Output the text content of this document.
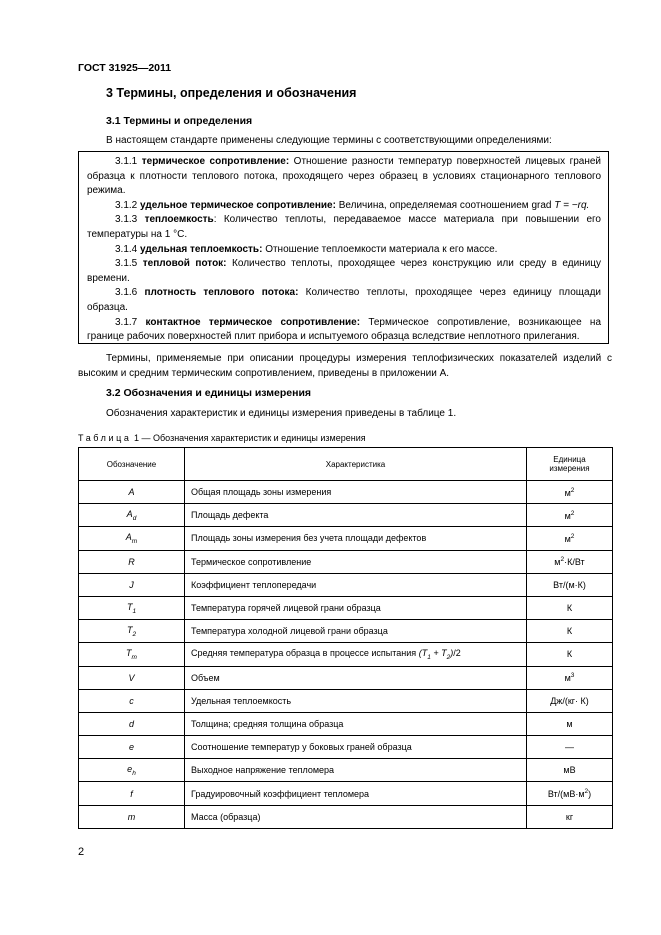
ГОСТ 31925—2011
3 Термины, определения и обозначения
3.1 Термины и определения
В настоящем стандарте применены следующие термины с соответствующими определениями:

3.1.1 термическое сопротивление: Отношение разности температур поверхностей лицевых граней образца к плотности теплового потока, проходящего через образец в условиях стационарного теплового режима.

3.1.2 удельное термическое сопротивление: Величина, определяемая соотношением grad T = −rq.

3.1.3 теплоемкость: Количество теплоты, передаваемое массе материала при повышении его температуры на 1 °С.

3.1.4 удельная теплоемкость: Отношение теплоемкости материала к его массе.

3.1.5 тепловой поток: Количество теплоты, проходящее через конструкцию или среду в единицу времени.

3.1.6 плотность теплового потока: Количество теплоты, проходящее через единицу площади образца.

3.1.7 контактное термическое сопротивление: Термическое сопротивление, возникающее на границе рабочих поверхностей плит прибора и испытуемого образца вследствие неплотного прилегания.

Термины, применяемые при описании процедуры измерения теплофизических показателей изделий с высоким и средним термическим сопротивлением, приведены в приложении А.
3.2 Обозначения и единицы измерения
Обозначения характеристик и единицы измерения приведены в таблице 1.
Таблица 1 — Обозначения характеристик и единицы измерения
Обозначение	Характеристика	Единица измерения
A	Общая площадь зоны измерения	$м^2$
$A_d$	Площадь дефекта	$м^2$
$A_m$	Площадь зоны измерения без учета площади дефектов	$м^2$
R	Термическое сопротивление	$м^2\cdot К/Вт$
J	Коэффициент теплопередачи	Вт/(м·К)
$T_1$	Температура горячей лицевой грани образца	К
$T_2$	Температура холодной лицевой грани образца	К
$T_m$	Средняя температура образца в процессе испытания $(T_1 + T_2)/2$	К
V	Объем	$м^3$
c	Удельная теплоемкость	Дж/(кг· К)
d	Толщина; средняя толщина образца	м
e	Соотношение температур у боковых граней образца	—
$e_h$	Выходное напряжение тепломера	мВ
f	Градуировочный коэффициент тепломера	$Вт/(мВ\cdot м^2)$
m	Масса (образца)	кг
2
